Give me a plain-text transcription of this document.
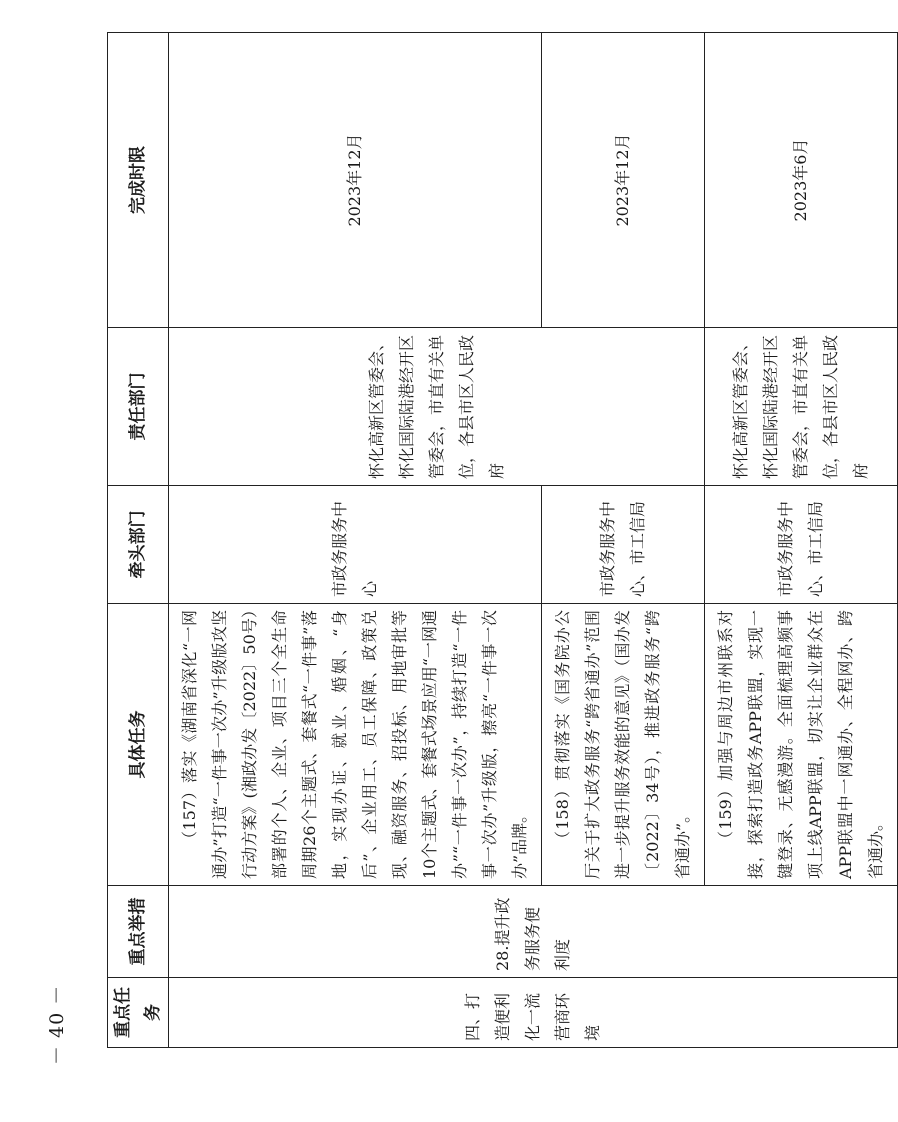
－ 40 －	重点任务	重点举措	具体任务	牵头部门	责任部门	完成时限
四、打造便利化一流营商环境	28.提升政务服务便利度	（157）落实《湖南省深化“一网通办”打造“一件事一次办”升级版攻坚行动方案》(湘政办发〔2022〕50号）部署的个人、企业、项目三个全生命周期26个主题式、套餐式“一件事”落地，实现办证、就业、婚姻、“身后”、企业用工、员工保障、政策兑现、融资服务、招投标、用地审批等10个主题式、套餐式场景应用“一网通办”“一件事一次办”，持续打造“一件事一次办”升级版，擦亮“一件事一次办”品牌。	市政务服务中心	怀化高新区管委会、怀化国际陆港经开区管委会，市直有关单位，各县市区人民政府	2023年12月
		（158）贯彻落实《国务院办公厅关于扩大政务服务“跨省通办”范围进一步提升服务效能的意见》（国办发〔2022〕34号），推进政务服务“跨省通办”。	市政务服务中心、市工信局		2023年12月
		（159）加强与周边市州联系对接，探索打造政务APP联盟，实现一键登录、无感漫游。全面梳理高频事项上线APP联盟，切实让企业群众在APP联盟中一网通办、全程网办、跨省通办。	市政务服务中心、市工信局	怀化高新区管委会、怀化国际陆港经开区管委会，市直有关单位，各县市区人民政府	2023年6月
